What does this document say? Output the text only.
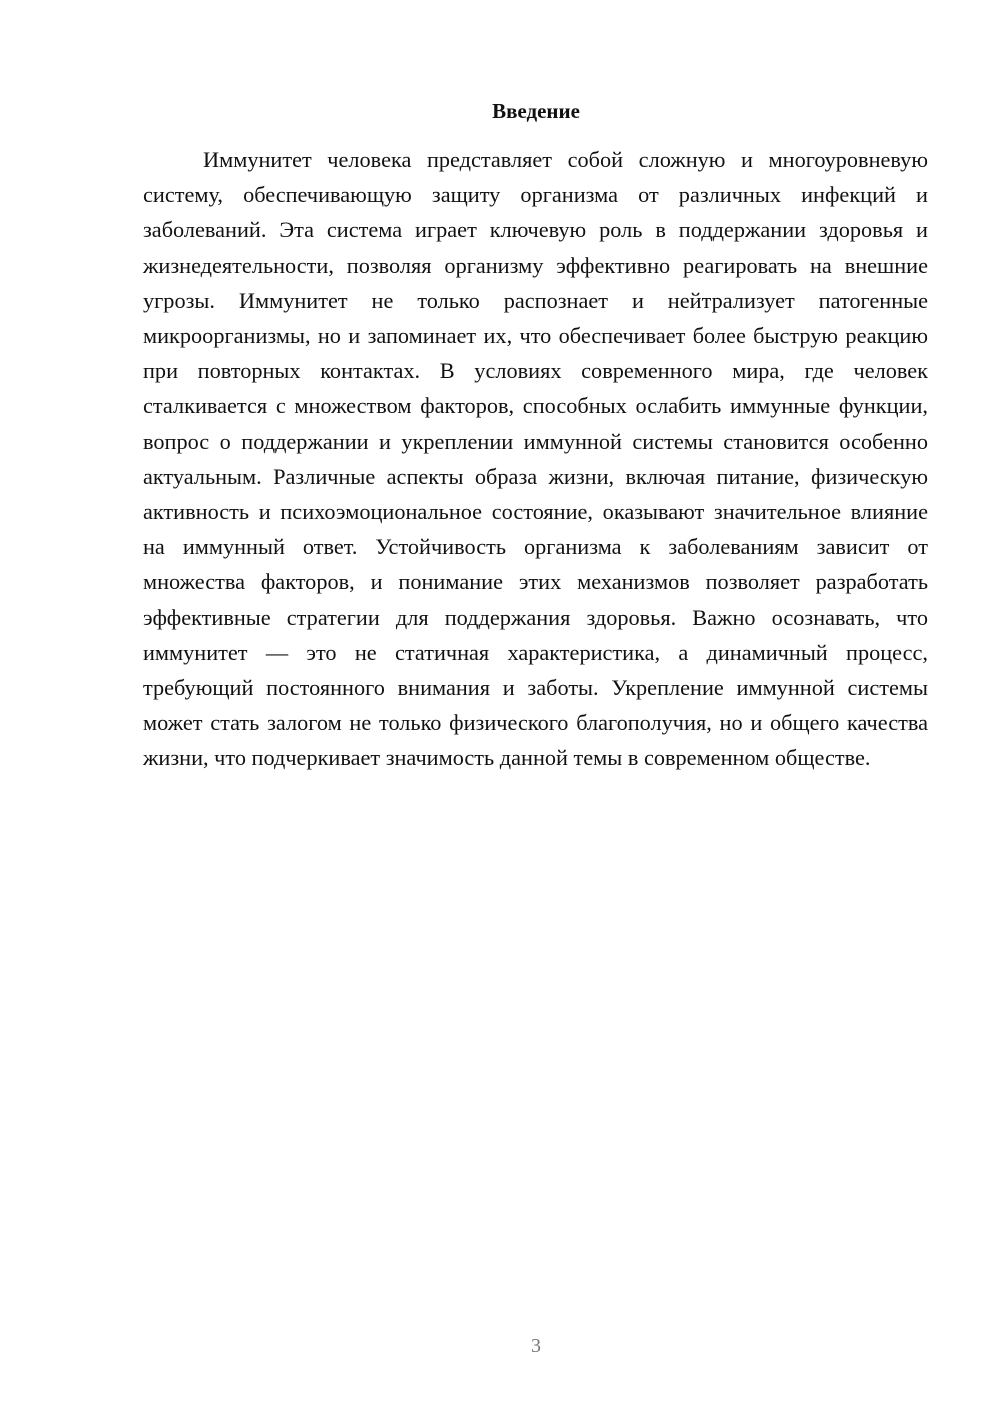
Введение

Иммунитет человека представляет собой сложную и многоуровневую систему, обеспечивающую защиту организма от различных инфекций и заболеваний. Эта система играет ключевую роль в поддержании здоровья и жизнедеятельности, позволяя организму эффективно реагировать на внешние угрозы. Иммунитет не только распознает и нейтрализует патогенные микроорганизмы, но и запоминает их, что обеспечивает более быструю реакцию при повторных контактах. В условиях современного мира, где человек сталкивается с множеством факторов, способных ослабить иммунные функции, вопрос о поддержании и укреплении иммунной системы становится особенно актуальным. Различные аспекты образа жизни, включая питание, физическую активность и психоэмоциональное состояние, оказывают значительное влияние на иммунный ответ. Устойчивость организма к заболеваниям зависит от множества факторов, и понимание этих механизмов позволяет разработать эффективные стратегии для поддержания здоровья. Важно осознавать, что иммунитет — это не статичная характеристика, а динамичный процесс, требующий постоянного внимания и заботы. Укрепление иммунной системы может стать залогом не только физического благополучия, но и общего качества жизни, что подчеркивает значимость данной темы в современном обществе.

3
